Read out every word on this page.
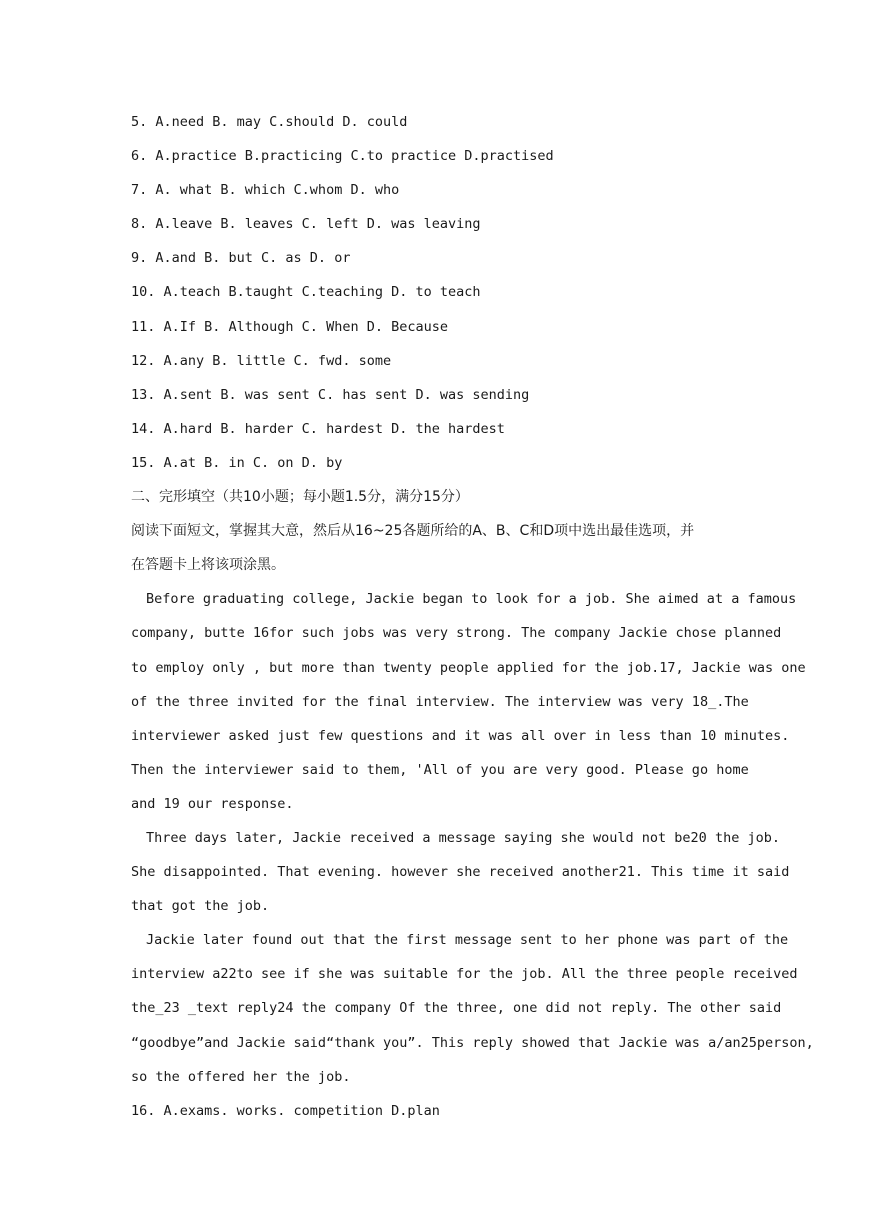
5. A.need B. may C.should D. could
6. A.practice B.practicing C.to practice D.practised
7. A. what B. which C.whom D. who
8. A.leave B. leaves C. left D. was leaving
9. A.and B. but C. as D. or
10. A.teach B.taught C.teaching D. to teach
11. A.If B. Although C. When D. Because
12. A.any B. little C. fwd. some
13. A.sent B. was sent C. has sent D. was sending
14. A.hard B. harder C. hardest D. the hardest
15. A.at B. in C. on D. by
二、完形填空（共10小题；每小题1.5分，满分15分）
阅读下面短文，掌握其大意，然后从16~25各题所给的A、B、C和D项中选出最佳选项，并
在答题卡上将该项涂黑。
Before graduating college, Jackie began to look for a job. She aimed at a famous
company, butte 16for such jobs was very strong. The company Jackie chose planned
to employ only , but more than twenty people applied for the job.17, Jackie was one
of the three invited for the final interview. The interview was very 18_.The
interviewer asked just few questions and it was all over in less than 10 minutes.
Then the interviewer said to them, 'All of you are very good. Please go home
and 19 our response.
Three days later, Jackie received a message saying she would not be20 the job.
She disappointed. That evening. however she received another21. This time it said
that got the job.
Jackie later found out that the first message sent to her phone was part of the
interview a22to see if she was suitable for the job. All the three people received
the_23 _text reply24 the company Of the three, one did not reply. The other said
“goodbye”and Jackie said“thank you”. This reply showed that Jackie was a/an25person,
so the offered her the job.
16. A.exams. works. competition D.plan
